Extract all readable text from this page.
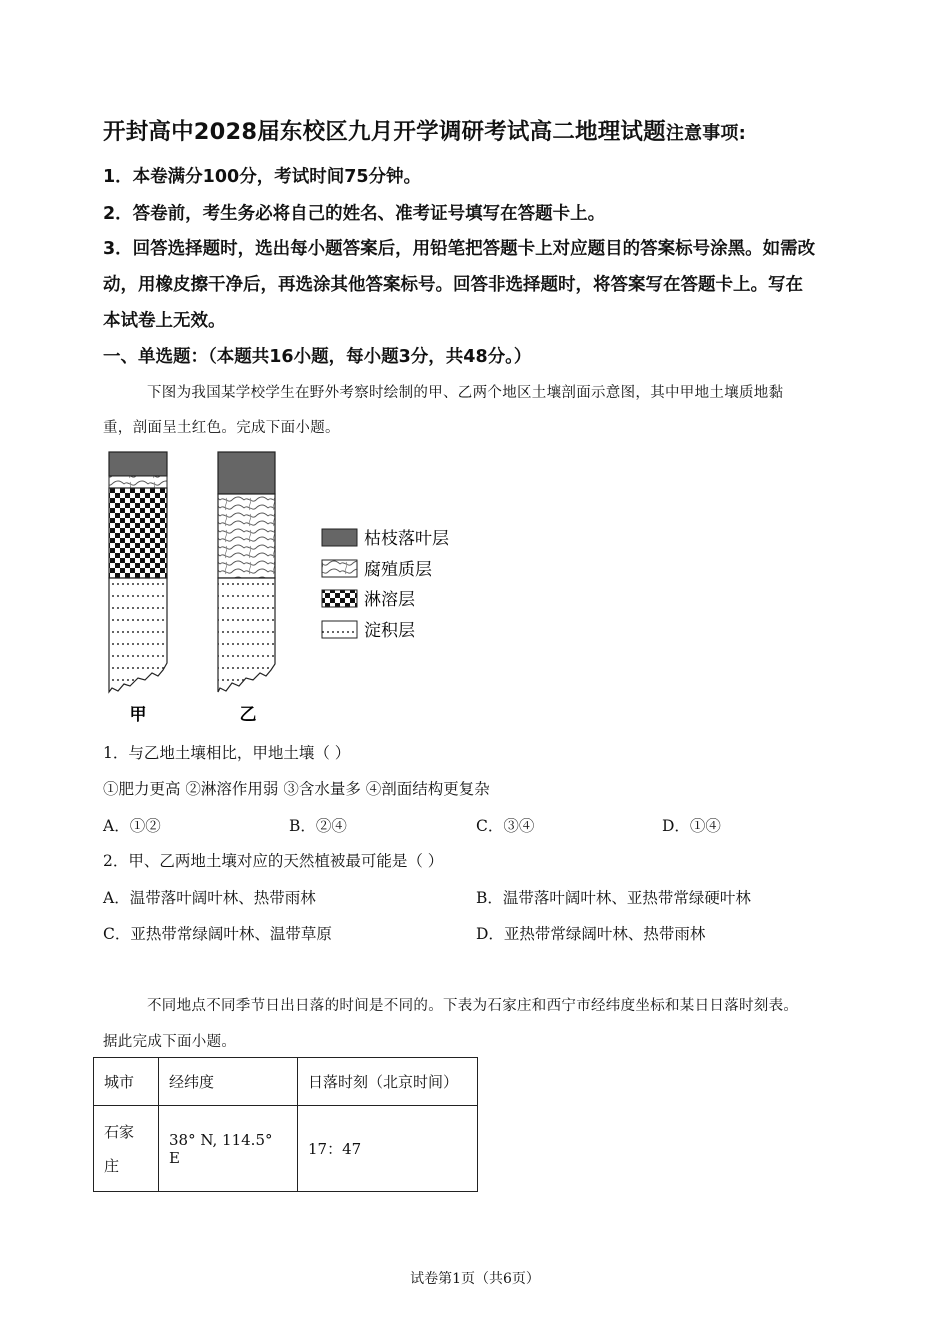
开封高中2028届东校区九月开学调研考试高二地理试题注意事项:
1．本卷满分100分，考试时间75分钟。
2．答卷前，考生务必将自己的姓名、准考证号填写在答题卡上。
3．回答选择题时，选出每小题答案后，用铅笔把答题卡上对应题目的答案标号涂黑。如需改
动，用橡皮擦干净后，再选涂其他答案标号。回答非选择题时，将答案写在答题卡上。写在
本试卷上无效。
一、单选题：（本题共16小题，每小题3分，共48分。）
下图为我国某学校学生在野外考察时绘制的甲、乙两个地区土壤剖面示意图，其中甲地土壤质地黏
重，剖面呈土红色。完成下面小题。
甲	乙
枯枝落叶层
腐殖质层
淋溶层
淀积层
1．与乙地土壤相比，甲地土壤（ ）
①肥力更高 ②淋溶作用弱 ③含水量多 ④剖面结构更复杂
A．①②	B．②④	C．③④	D．①④
2．甲、乙两地土壤对应的天然植被最可能是（ ）
A．温带落叶阔叶林、热带雨林	B．温带落叶阔叶林、亚热带常绿硬叶林
C．亚热带常绿阔叶林、温带草原	D．亚热带常绿阔叶林、热带雨林
不同地点不同季节日出日落的时间是不同的。下表为石家庄和西宁市经纬度坐标和某日日落时刻表。
据此完成下面小题。
城市	经纬度	日落时刻（北京时间）
石家
庄	38° N, 114.5° E	17：47
试卷第1页（共6页）
